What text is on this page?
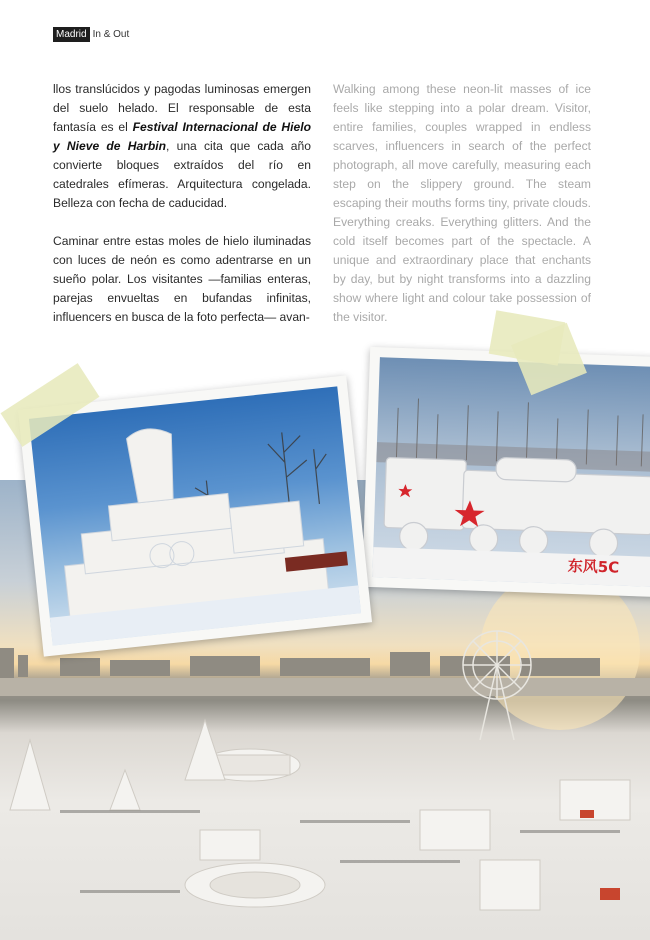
Madrid In & Out

llos translúcidos y pagodas luminosas emergen del suelo helado. El responsable de esta fantasía es el Festival Internacional de Hielo y Nieve de Harbin, una cita que cada año convierte bloques extraídos del río en catedrales efímeras. Arquitectura congelada. Belleza con fecha de caducidad.

Caminar entre estas moles de hielo iluminadas con luces de neón es como adentrarse en un sueño polar. Los visitantes —familias enteras, parejas envueltas en bufandas infinitas, influencers en busca de la foto perfecta— avan-

Walking among these neon-lit masses of ice feels like stepping into a polar dream. Visitor, entire families, couples wrapped in endless scarves, influencers in search of the perfect photograph, all move carefully, measuring each step on the slippery ground. The steam escaping their mouths forms tiny, private clouds. Everything creaks. Everything glitters. And the cold itself becomes part of the spectacle. A unique and extraordinary place that enchants by day, but by night transforms into a dazzling show where light and colour take possession of the visitor.

东风5C
